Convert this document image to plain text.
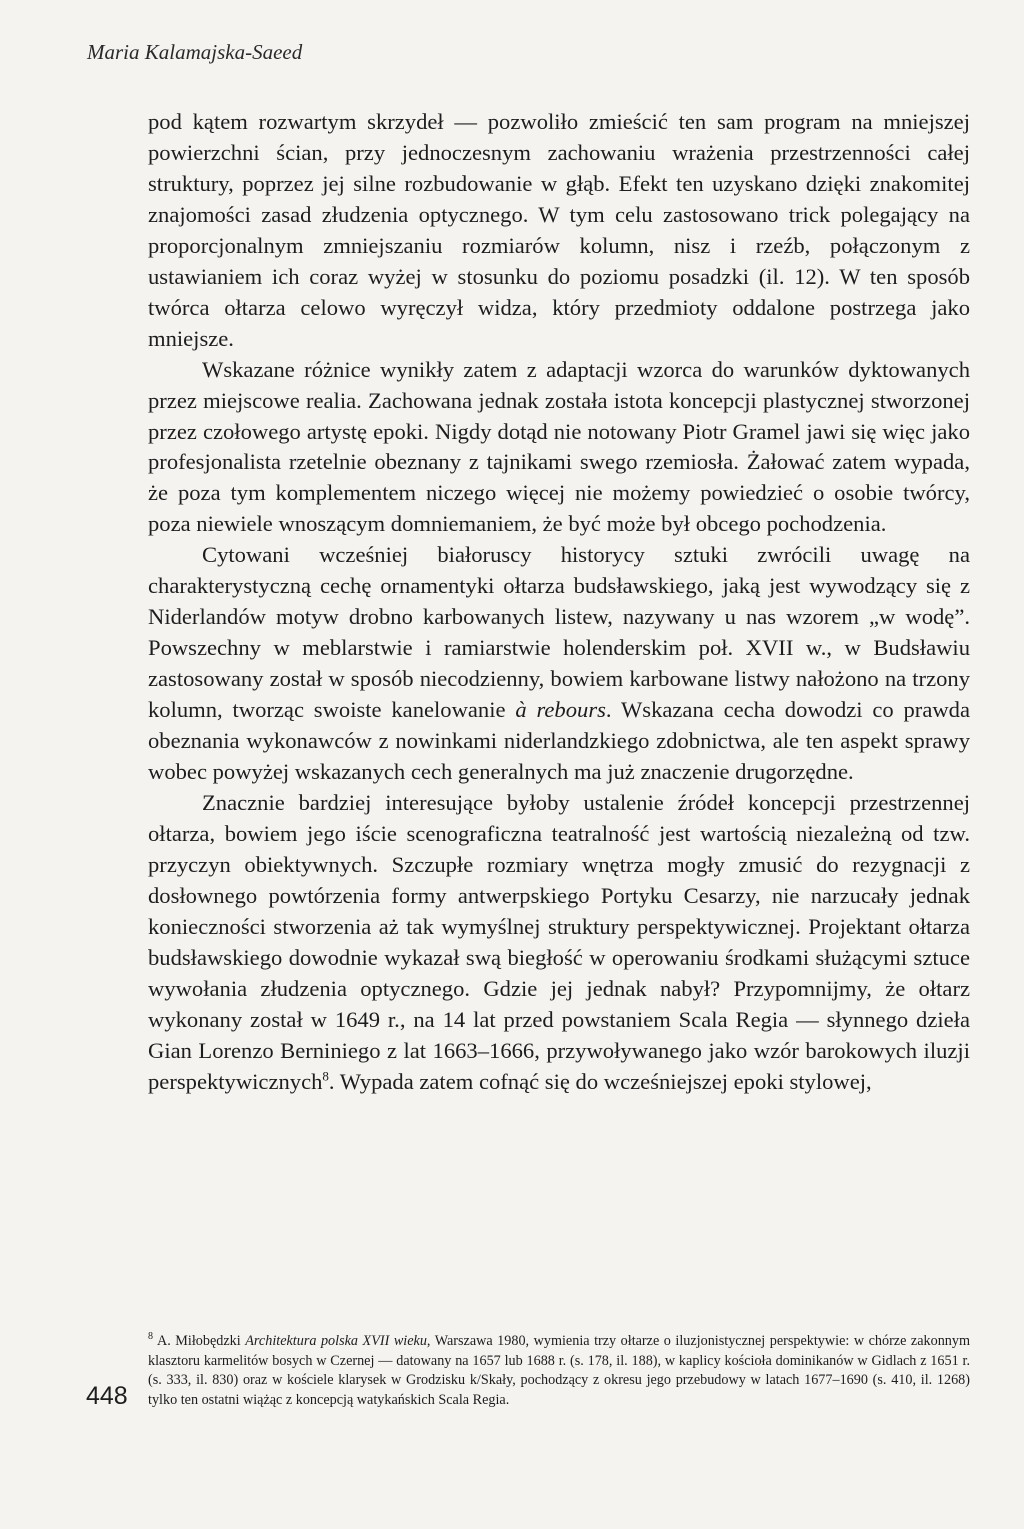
Maria Kalamajska-Saeed

pod kątem rozwartym skrzydeł — pozwoliło zmieścić ten sam program na mniejszej powierzchni ścian, przy jednoczesnym zachowaniu wrażenia przestrzenności całej struktury, poprzez jej silne rozbudowanie w głąb. Efekt ten uzyskano dzięki znakomitej znajomości zasad złudzenia optycznego. W tym celu zastosowano trick polegający na proporcjonalnym zmniejszaniu rozmiarów kolumn, nisz i rzeźb, połączonym z ustawianiem ich coraz wyżej w stosunku do poziomu posadzki (il. 12). W ten sposób twórca ołtarza celowo wyręczył widza, który przedmioty oddalone postrzega jako mniejsze.

Wskazane różnice wynikły zatem z adaptacji wzorca do warunków dyktowanych przez miejscowe realia. Zachowana jednak została istota koncepcji plastycznej stworzonej przez czołowego artystę epoki. Nigdy dotąd nie notowany Piotr Gramel jawi się więc jako profesjonalista rzetelnie obeznany z tajnikami swego rzemiosła. Żałować zatem wypada, że poza tym komplementem niczego więcej nie możemy powiedzieć o osobie twórcy, poza niewiele wnoszącym domniemaniem, że być może był obcego pochodzenia.

Cytowani wcześniej białoruscy historycy sztuki zwrócili uwagę na charakterystyczną cechę ornamentyki ołtarza budsławskiego, jaką jest wywodzący się z Niderlandów motyw drobno karbowanych listew, nazywany u nas wzorem „w wodę”. Powszechny w meblarstwie i ramiarstwie holenderskim poł. XVII w., w Budsławiu zastosowany został w sposób niecodzienny, bowiem karbowane listwy nałożono na trzony kolumn, tworząc swoiste kanelowanie à rebours. Wskazana cecha dowodzi co prawda obeznania wykonawców z nowinkami niderlandzkiego zdobnictwa, ale ten aspekt sprawy wobec powyżej wskazanych cech generalnych ma już znaczenie drugorzędne.

Znacznie bardziej interesujące byłoby ustalenie źródeł koncepcji przestrzennej ołtarza, bowiem jego iście scenograficzna teatralność jest wartością niezależną od tzw. przyczyn obiektywnych. Szczupłe rozmiary wnętrza mogły zmusić do rezygnacji z dosłownego powtórzenia formy antwerpskiego Portyku Cesarzy, nie narzucały jednak konieczności stworzenia aż tak wymyślnej struktury perspektywicznej. Projektant ołtarza budsławskiego dowodnie wykazał swą biegłość w operowaniu środkami służącymi sztuce wywołania złudzenia optycznego. Gdzie jej jednak nabył? Przypomnijmy, że ołtarz wykonany został w 1649 r., na 14 lat przed powstaniem Scala Regia — słynnego dzieła Gian Lorenzo Berniniego z lat 1663–1666, przywoływanego jako wzór barokowych iluzji perspektywicznych$^8$. Wypada zatem cofnąć się do wcześniejszej epoki stylowej,

$^8$ A. Miłobędzki Architektura polska XVII wieku, Warszawa 1980, wymienia trzy ołtarze o iluzjonistycznej perspektywie: w chórze zakonnym klasztoru karmelitów bosych w Czernej — datowany na 1657 lub 1688 r. (s. 178, il. 188), w kaplicy kościoła dominikanów w Gidlach z 1651 r. (s. 333, il. 830) oraz w kościele klarysek w Grodzisku k/Skały, pochodzący z okresu jego przebudowy w latach 1677–1690 (s. 410, il. 1268) tylko ten ostatni wiążąc z koncepcją watykańskich Scala Regia.
448
